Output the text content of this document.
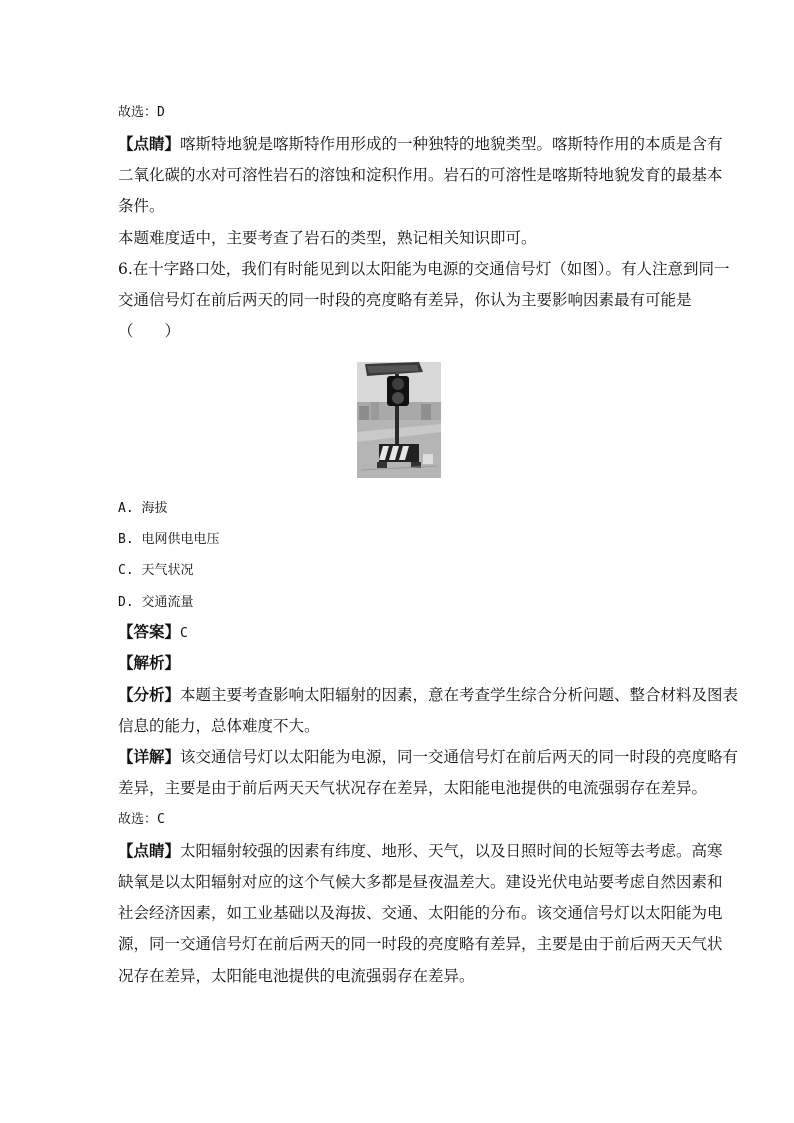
故选：D
【点睛】喀斯特地貌是喀斯特作用形成的一种独特的地貌类型。喀斯特作用的本质是含有
二氧化碳的水对可溶性岩石的溶蚀和淀积作用。岩石的可溶性是喀斯特地貌发育的最基本
条件。
本题难度适中，主要考查了岩石的类型，熟记相关知识即可。
6.在十字路口处，我们有时能见到以太阳能为电源的交通信号灯（如图）。有人注意到同一
交通信号灯在前后两天的同一时段的亮度略有差异，你认为主要影响因素最有可能是
（　　）
A. 海拔
B. 电网供电电压
C. 天气状况
D. 交通流量
【答案】C
【解析】
【分析】本题主要考查影响太阳辐射的因素，意在考查学生综合分析问题、整合材料及图表
信息的能力，总体难度不大。
【详解】该交通信号灯以太阳能为电源，同一交通信号灯在前后两天的同一时段的亮度略有
差异，主要是由于前后两天天气状况存在差异，太阳能电池提供的电流强弱存在差异。
故选：C
【点睛】太阳辐射较强的因素有纬度、地形、天气，以及日照时间的长短等去考虑。高寒
缺氧是以太阳辐射对应的这个气候大多都是昼夜温差大。建设光伏电站要考虑自然因素和
社会经济因素，如工业基础以及海拔、交通、太阳能的分布。该交通信号灯以太阳能为电
源，同一交通信号灯在前后两天的同一时段的亮度略有差异，主要是由于前后两天天气状
况存在差异，太阳能电池提供的电流强弱存在差异。
